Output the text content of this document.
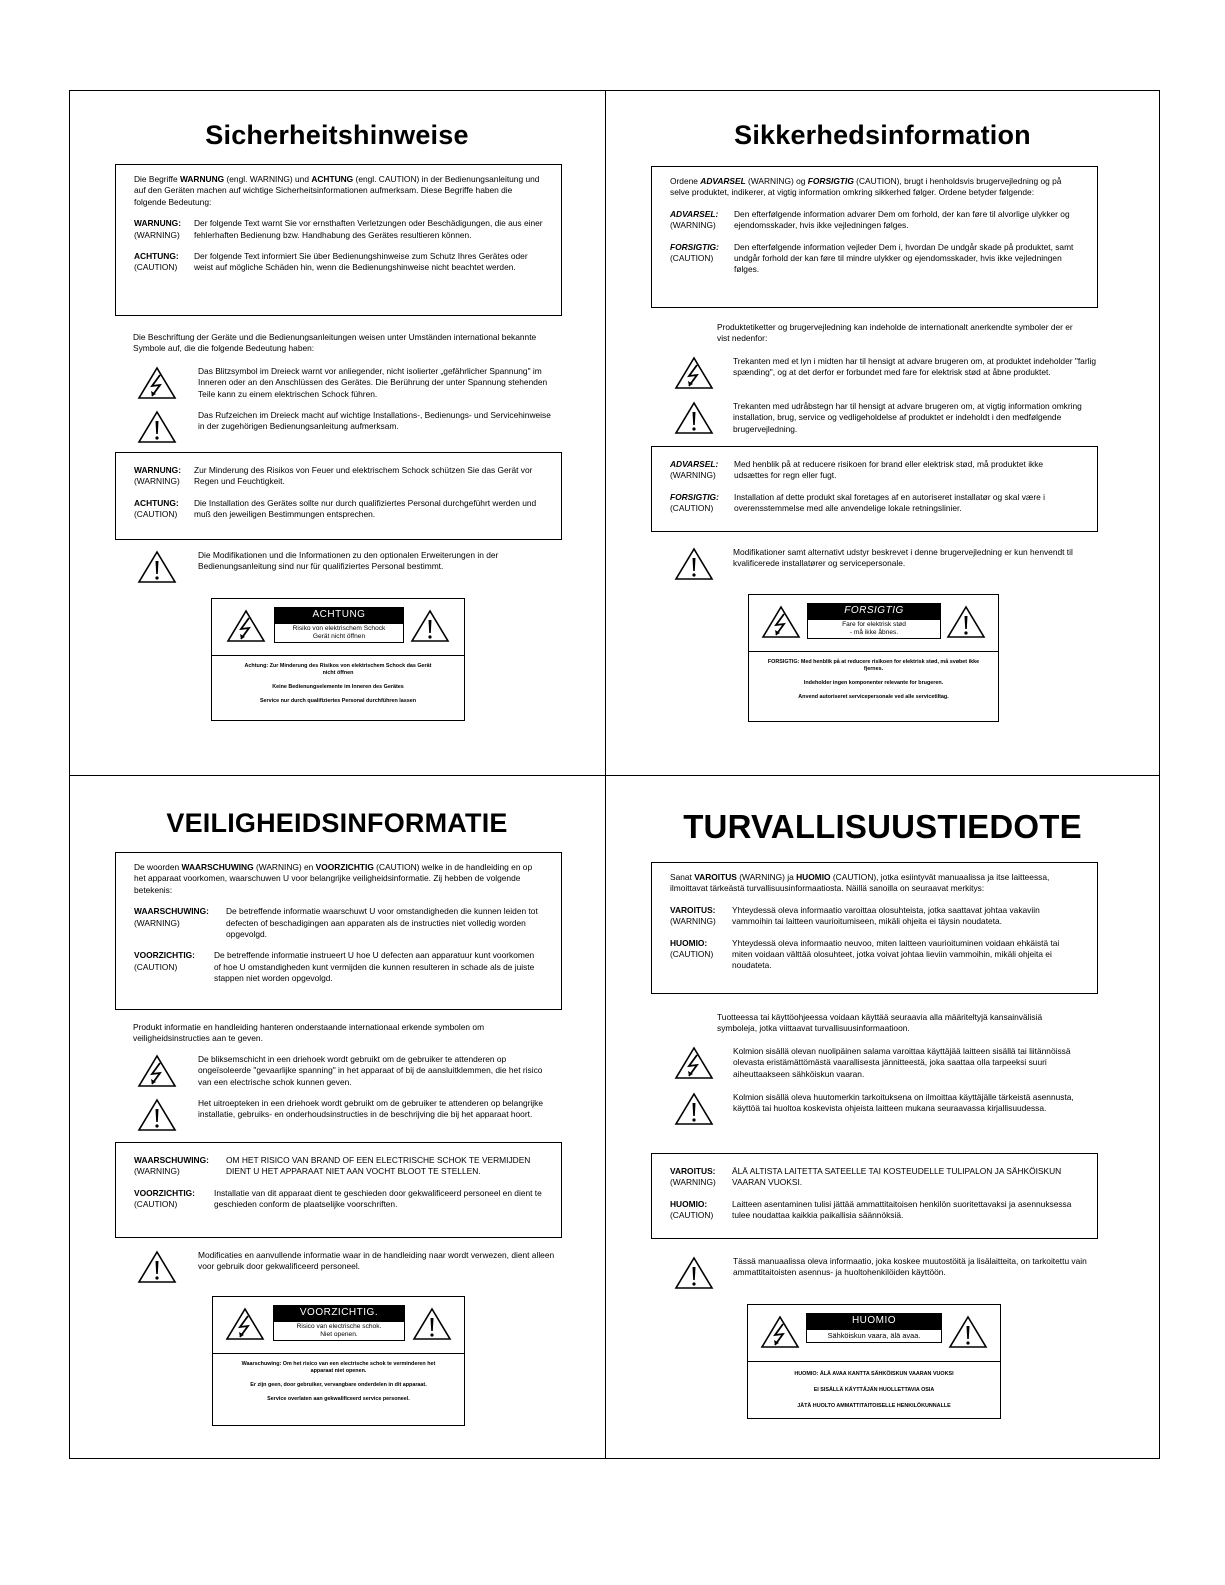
Sicherheitshinweise

Die Begriffe WARNUNG (engl. WARNING) und ACHTUNG (engl. CAUTION) in der Bedienungsanleitung und auf den Geräten machen auf wichtige Sicherheitsinformationen aufmerksam. Diese Begriffe haben die folgende Bedeutung:

WARNUNG:
(WARNING)
Der folgende Text warnt Sie vor ernsthaften Verletzungen oder Beschädigungen, die aus einer fehlerhaften Bedienung bzw. Handhabung des Gerätes resultieren können.
ACHTUNG:
(CAUTION)
Der folgende Text informiert Sie über Bedienungshinweise zum Schutz Ihres Gerätes oder weist auf mögliche Schäden hin, wenn die Bedienungshinweise nicht beachtet werden.

Die Beschriftung der Geräte und die Bedienungsanleitungen weisen unter Umständen international bekannte Symbole auf, die die folgende Bedeutung haben:

Das Blitzsymbol im Dreieck warnt vor anliegender, nicht isolierter „gefährlicher Spannung" im Inneren oder an den Anschlüssen des Gerätes. Die Berührung der unter Spannung stehenden Teile kann zu einem elektrischen Schock führen.
Das Rufzeichen im Dreieck macht auf wichtige Installations-, Bedienungs- und Servicehinweise in der zugehörigen Bedienungsanleitung aufmerksam.
WARNUNG:
(WARNING)
Zur Minderung des Risikos von Feuer und elektrischem Schock schützen Sie das Gerät vor Regen und Feuchtigkeit.
ACHTUNG:
(CAUTION)
Die Installation des Gerätes sollte nur durch qualifiziertes Personal durchgeführt werden und muß den jeweiligen Bestimmungen entsprechen.
Die Modifikationen und die Informationen zu den optionalen Erweiterungen in der Bedienungsanleitung sind nur für qualifiziertes Personal bestimmt.
ACHTUNG
Risiko von elektrischem Schock
Gerät nicht öffnen
Achtung: Zur Minderung des Risikos von elektrischem Schock das Gerät nicht öffnen
Keine Bedienungselemente im Inneren des Gerätes
Service nur durch qualifiziertes Personal durchführen lassen
Sikkerhedsinformation

Ordene ADVARSEL (WARNING) og FORSIGTIG (CAUTION), brugt i henholdsvis brugervejledning og på selve produktet, indikerer, at vigtig information omkring sikkerhed følger. Ordene betyder følgende:

ADVARSEL:
(WARNING)
Den efterfølgende information advarer Dem om forhold, der kan føre til alvorlige ulykker og ejendomsskader, hvis ikke vejledningen følges.
FORSIGTIG:
(CAUTION)
Den efterfølgende information vejleder Dem i, hvordan De undgår skade på produktet, samt undgår forhold der kan føre til mindre ulykker og ejendomsskader, hvis ikke vejledningen følges.

Produktetiketter og brugervejledning kan indeholde de internationalt anerkendte symboler der er vist nedenfor:

Trekanten med et lyn i midten har til hensigt at advare brugeren om, at produktet indeholder "farlig spænding", og at det derfor er forbundet med fare for elektrisk stød at åbne produktet.
Trekanten med udråbstegn har til hensigt at advare brugeren om, at vigtig information omkring installation, brug, service og vedligeholdelse af produktet er indeholdt i den medfølgende brugervejledning.
ADVARSEL:
(WARNING)
Med henblik på at reducere risikoen for brand eller elektrisk stød, må produktet ikke udsættes for regn eller fugt.
FORSIGTIG:
(CAUTION)
Installation af dette produkt skal foretages af en autoriseret installatør og skal være i overensstemmelse med alle anvendelige lokale retningslinier.
Modifikationer samt alternativt udstyr beskrevet i denne brugervejledning er kun henvendt til kvalificerede installatører og servicepersonale.
FORSIGTIG
Fare for elektrisk stød
- må ikke åbnes.
FORSIGTIG: Med henblik på at reducere risikoen for elektrisk stød, må svøbet ikke fjernes.
Indeholder ingen komponenter relevante for brugeren.
Anvend autoriseret servicepersonale ved alle servicetiltag.
VEILIGHEIDSINFORMATIE

De woorden WAARSCHUWING (WARNING) en VOORZICHTIG (CAUTION) welke in de handleiding en op het apparaat voorkomen, waarschuwen U voor belangrijke veiligheidsinformatie. Zij hebben de volgende betekenis:

WAARSCHUWING:
(WARNING)
De betreffende informatie waarschuwt U voor omstandigheden die kunnen leiden tot defecten of beschadigingen aan apparaten als de instructies niet volledig worden opgevolgd.
VOORZICHTIG:
(CAUTION)
De betreffende informatie instrueert U hoe U defecten aan apparatuur kunt voorkomen of hoe U omstandigheden kunt vermijden die kunnen resulteren in schade als de juiste stappen niet worden opgevolgd.

Produkt informatie en handleiding hanteren onderstaande internationaal erkende symbolen om veiligheidsinstructies aan te geven.

De bliksemschicht in een driehoek wordt gebruikt om de gebruiker te attenderen op ongeïsoleerde "gevaarlijke spanning" in het apparaat of bij de aansluitklemmen, die het risico van een electrische schok kunnen geven.
Het uitroepteken in een driehoek wordt gebruikt om de gebruiker te attenderen op belangrijke installatie, gebruiks- en onderhoudsinstructies in de beschrijving die bij het apparaat hoort.
WAARSCHUWING:
(WARNING)
OM HET RISICO VAN BRAND OF EEN ELECTRISCHE SCHOK TE VERMIJDEN DIENT U HET APPARAAT NIET AAN VOCHT BLOOT TE STELLEN.
VOORZICHTIG:
(CAUTION)
Installatie van dit apparaat dient te geschieden door gekwalificeerd personeel en dient te geschieden conform de plaatselijke voorschriften.
Modificaties en aanvullende informatie waar in de handleiding naar wordt verwezen, dient alleen voor gebruik door gekwalificeerd personeel.
VOORZICHTIG.
Risico van electrische schok.
Niet openen.
Waarschuwing: Om het risico van een electrische schok te verminderen het apparaat niet openen.
Er zijn geen, door gebruiker, vervangbare onderdelen in dit apparaat.
Service overlaten aan gekwalificeerd service personeel.
TURVALLISUUSTIEDOTE

Sanat VAROITUS (WARNING) ja HUOMIO (CAUTION), jotka esiintyvät manuaalissa ja itse laitteessa, ilmoittavat tärkeästä turvallisuusinformaatiosta. Näillä sanoilla on seuraavat merkitys:

VAROITUS:
(WARNING)
Yhteydessä oleva informaatio varoittaa olosuhteista, jotka saattavat johtaa vakaviin vammoihin tai laitteen vaurioitumiseen, mikäli ohjeita ei täysin noudateta.
HUOMIO:
(CAUTION)
Yhteydessä oleva informaatio neuvoo, miten laitteen vaurioituminen voidaan ehkäistä tai miten voidaan välttää olosuhteet, jotka voivat johtaa lieviin vammoihin, mikäli ohjeita ei noudateta.

Tuotteessa tai käyttöohjeessa voidaan käyttää seuraavia alla määriteltyjä kansainvälisiä symboleja, jotka viittaavat turvallisuusinformaatioon.

Kolmion sisällä olevan nuolipäinen salama varoittaa käyttäjää laitteen sisällä tai liitännöissä olevasta eristämättömästä vaarallisesta jännitteestä, joka saattaa olla tarpeeksi suuri aiheuttaakseen sähköiskun vaaran.
Kolmion sisällä oleva huutomerkin tarkoituksena on ilmoittaa käyttäjälle tärkeistä asennusta, käyttöä tai huoltoa koskevista ohjeista laitteen mukana seuraavassa kirjallisuudessa.
VAROITUS:
(WARNING)
ÄLÄ ALTISTA LAITETTA SATEELLE TAI KOSTEUDELLE TULIPALON JA SÄHKÖISKUN VAARAN VUOKSI.
HUOMIO:
(CAUTION)
Laitteen asentaminen tulisi jättää ammattitaitoisen henkilön suoritettavaksi ja asennuksessa tulee noudattaa kaikkia paikallisia säännöksiä.
Tässä manuaalissa oleva informaatio, joka koskee muutostöitä ja lisälaitteita, on tarkoitettu vain ammattitaitoisten asennus- ja huoltohenkilöiden käyttöön.
HUOMIO
Sähköiskun vaara, älä avaa.
HUOMIO: ÄLÄ AVAA KANTTA SÄHKÖISKUN VAARAN VUOKSI
EI SISÄLLÄ KÄYTTÄJÄN HUOLLETTAVIA OSIA
JÄTÄ HUOLTO AMMATTITAITOISELLE HENKILÖKUNNALLE
